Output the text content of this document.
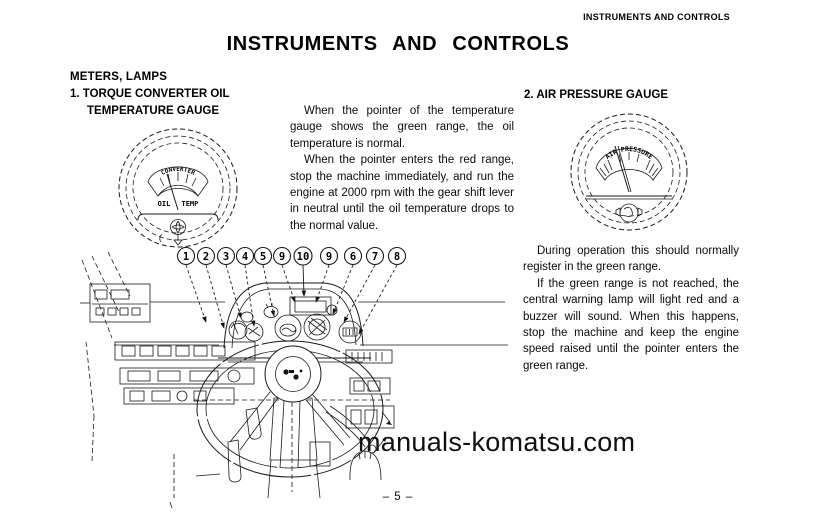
INSTRUMENTS AND CONTROLS
INSTRUMENTS AND CONTROLS
METERS, LAMPS
1. TORQUE CONVERTER OIL
TEMPERATURE GAUGE
2. AIR PRESSURE GAUGE

When the pointer of the temperature gauge shows the green range, the oil temperature is normal.

When the pointer enters the red range, stop the machine immediately, and run the engine at 2000 rpm with the gear shift lever in neutral until the oil temperature drops to the normal value.

During operation this should normally register in the green range.

If the green range is not reached, the central warning lamp will light red and a buzzer will sound. When this happens, stop the machine and keep the engine speed raised until the pointer enters the green range.

CONVERTER
OIL TEMP
AIR PRESSURE
1 2 3 4 5 9 10 9 6 7 8
manuals-komatsu.com
– 5 –
